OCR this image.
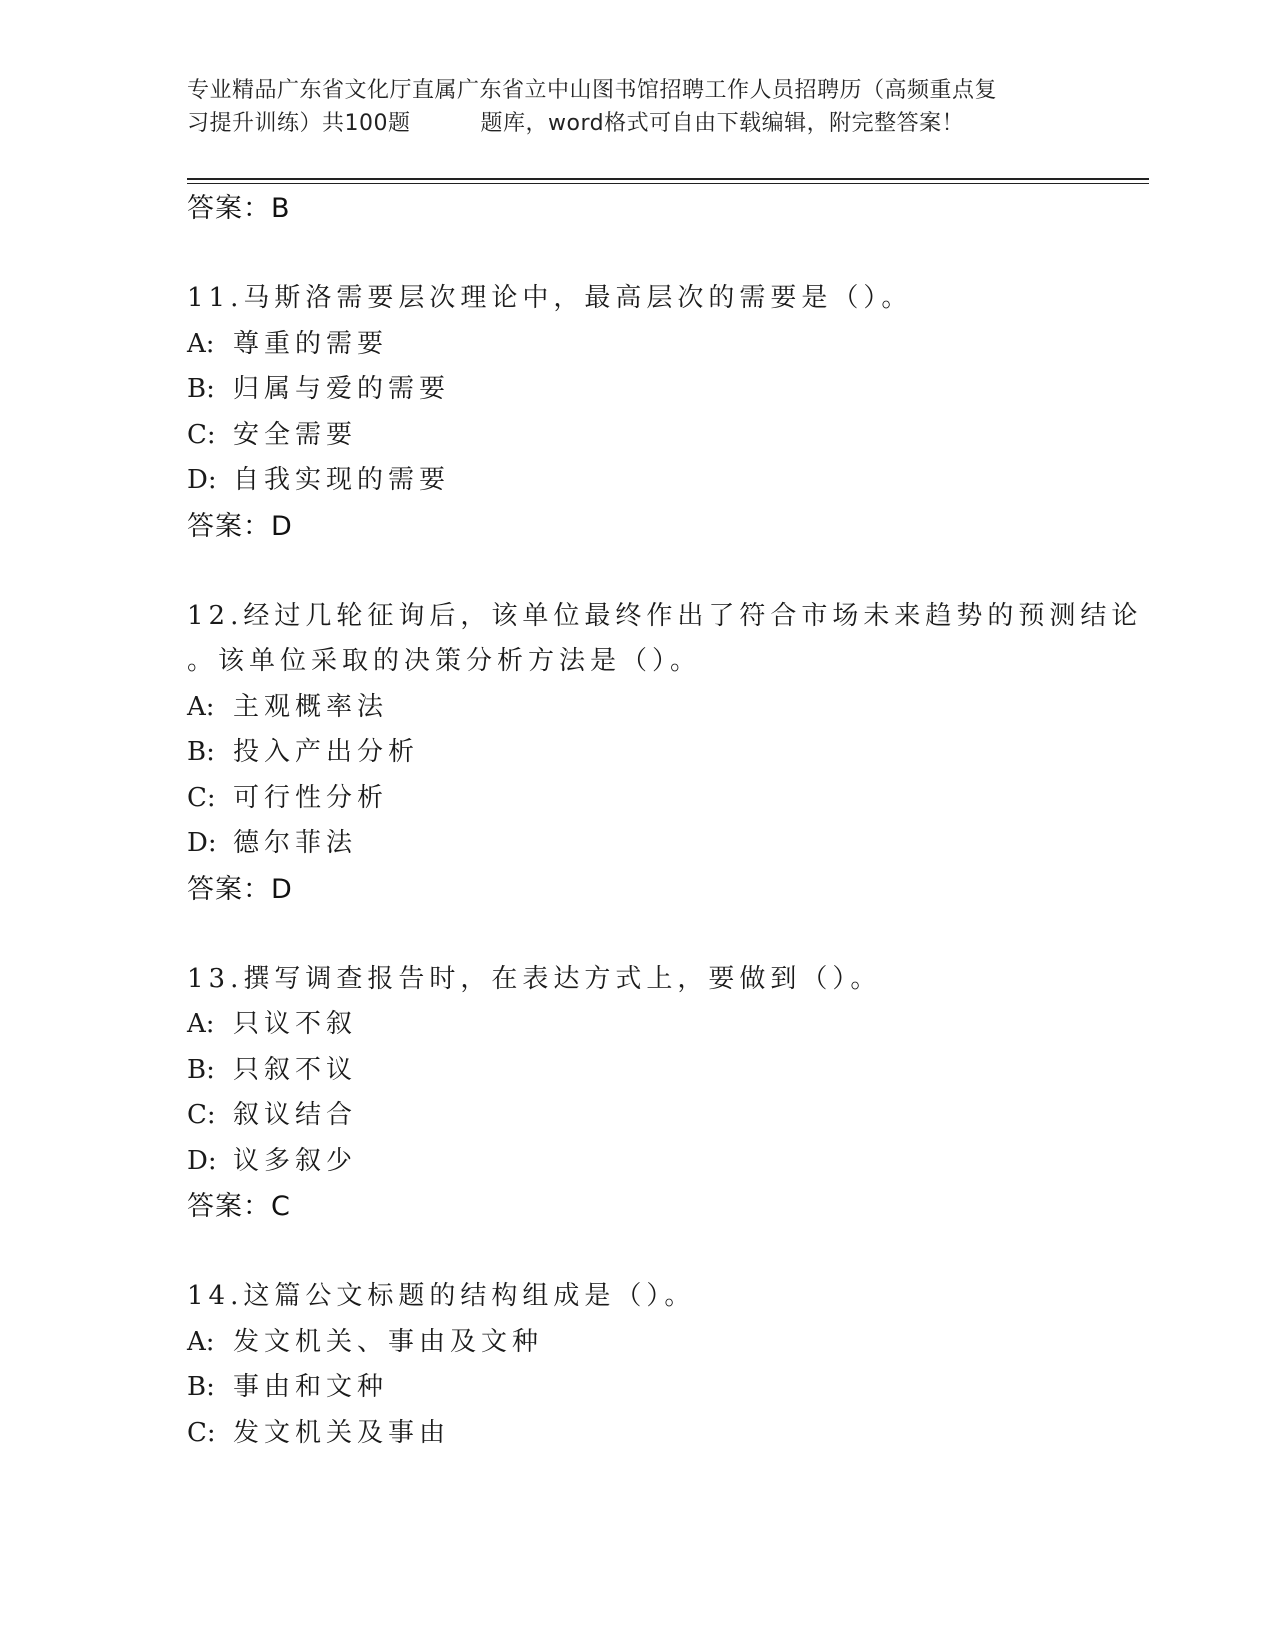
专业精品广东省文化厅直属广东省立中山图书馆招聘工作人员招聘历（高频重点复
习提升训练）共100题	题库，word格式可自由下载编辑，附完整答案！
答案：B
11.马斯洛需要层次理论中，最高层次的需要是（）。
A: 尊重的需要
B: 归属与爱的需要
C: 安全需要
D: 自我实现的需要
答案：D
12.经过几轮征询后，该单位最终作出了符合市场未来趋势的预测结论
。该单位采取的决策分析方法是（）。
A: 主观概率法
B: 投入产出分析
C: 可行性分析
D: 德尔菲法
答案：D
13.撰写调查报告时，在表达方式上，要做到（）。
A: 只议不叙
B: 只叙不议
C: 叙议结合
D: 议多叙少
答案：C
14.这篇公文标题的结构组成是（）。
A: 发文机关、事由及文种
B: 事由和文种
C: 发文机关及事由
